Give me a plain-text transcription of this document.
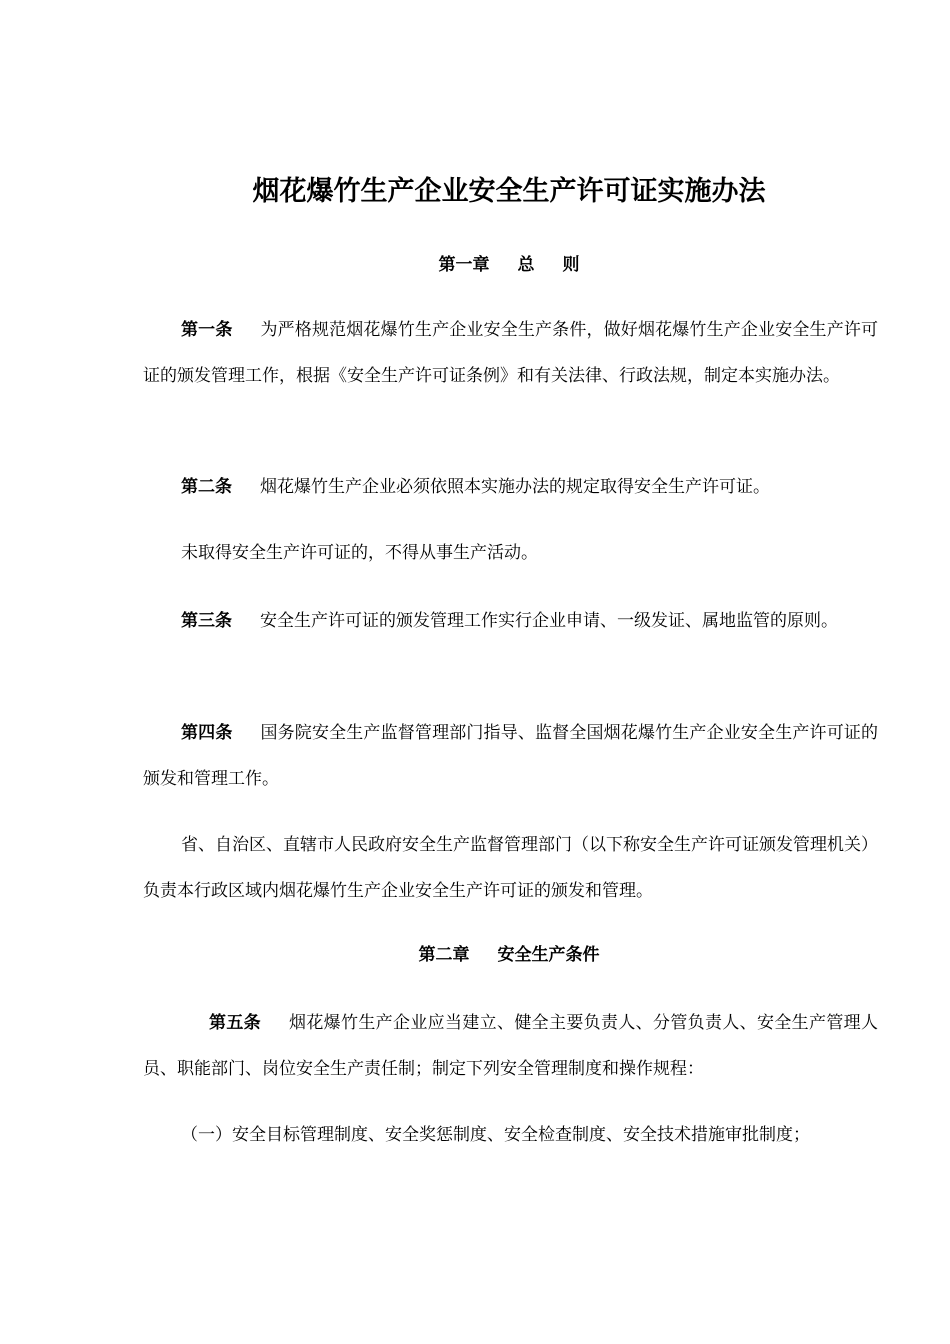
烟花爆竹生产企业安全生产许可证实施办法
第一章 总 则
第一条 为严格规范烟花爆竹生产企业安全生产条件，做好烟花爆竹生产企业安全生产许可证的颁发管理工作，根据《安全生产许可证条例》和有关法律、行政法规，制定本实施办法。
第二条 烟花爆竹生产企业必须依照本实施办法的规定取得安全生产许可证。
未取得安全生产许可证的，不得从事生产活动。
第三条 安全生产许可证的颁发管理工作实行企业申请、一级发证、属地监管的原则。
第四条 国务院安全生产监督管理部门指导、监督全国烟花爆竹生产企业安全生产许可证的颁发和管理工作。
省、自治区、直辖市人民政府安全生产监督管理部门（以下称安全生产许可证颁发管理机关）负责本行政区域内烟花爆竹生产企业安全生产许可证的颁发和管理。
第二章 安全生产条件
第五条 烟花爆竹生产企业应当建立、健全主要负责人、分管负责人、安全生产管理人员、职能部门、岗位安全生产责任制；制定下列安全管理制度和操作规程：
（一）安全目标管理制度、安全奖惩制度、安全检查制度、安全技术措施审批制度；
